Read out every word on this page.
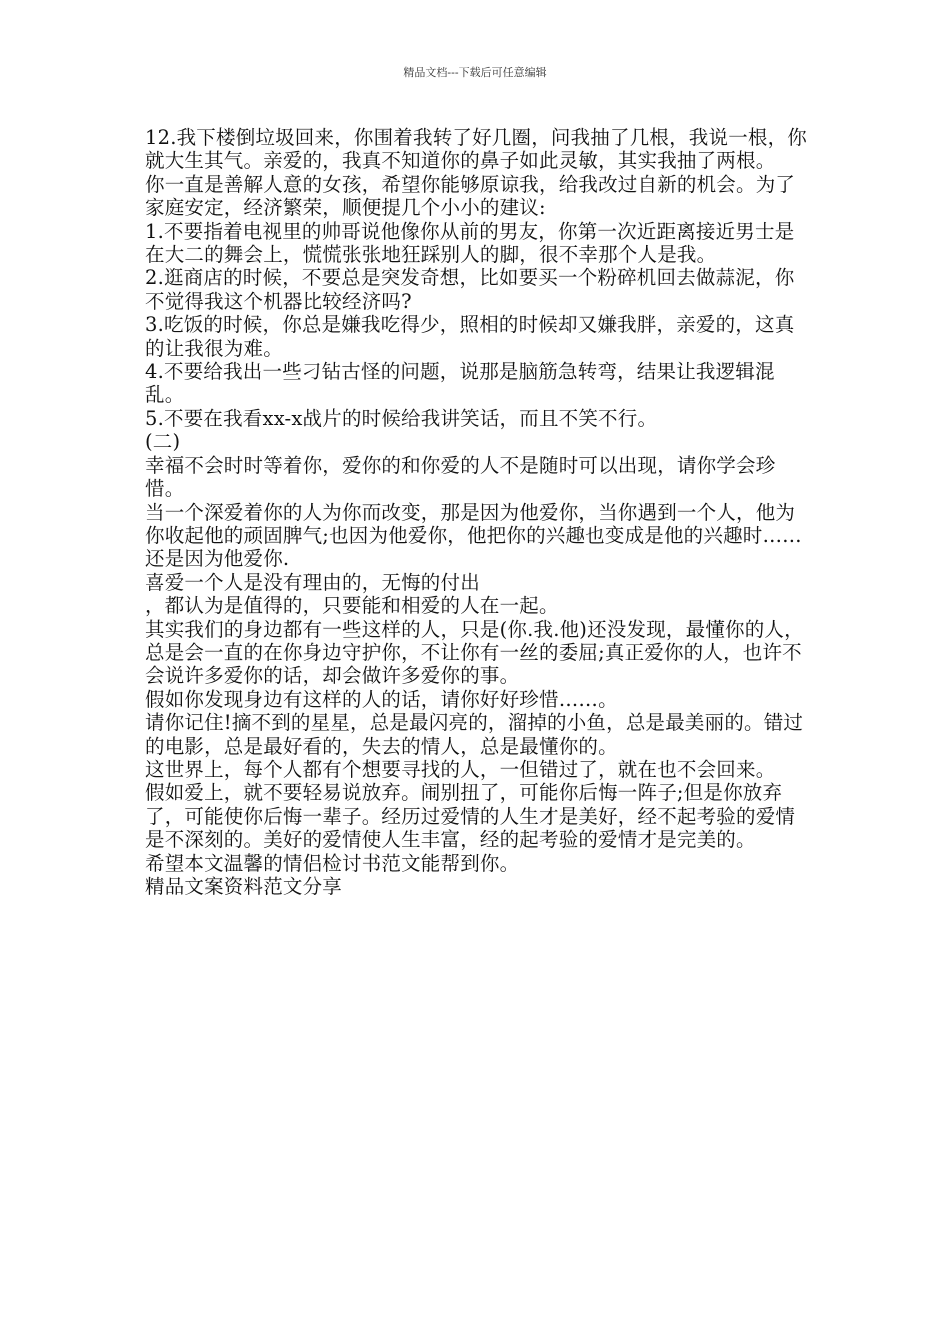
精品文档---下载后可任意编辑

12.我下楼倒垃圾回来，你围着我转了好几圈，问我抽了几根，我说一根，你就大生其气。亲爱的，我真不知道你的鼻子如此灵敏，其实我抽了两根。

你一直是善解人意的女孩，希望你能够原谅我，给我改过自新的机会。为了家庭安定，经济繁荣，顺便提几个小小的建议:

1.不要指着电视里的帅哥说他像你从前的男友，你第一次近距离接近男士是在大二的舞会上，慌慌张张地狂踩别人的脚，很不幸那个人是我。

2.逛商店的时候，不要总是突发奇想，比如要买一个粉碎机回去做蒜泥，你不觉得我这个机器比较经济吗?

3.吃饭的时候，你总是嫌我吃得少，照相的时候却又嫌我胖，亲爱的，这真的让我很为难。

4.不要给我出一些刁钻古怪的问题，说那是脑筋急转弯，结果让我逻辑混乱。

5.不要在我看xx-x战片的时候给我讲笑话，而且不笑不行。

(二)

幸福不会时时等着你，爱你的和你爱的人不是随时可以出现，请你学会珍惜。

当一个深爱着你的人为你而改变，那是因为他爱你，当你遇到一个人，他为你收起他的顽固脾气;也因为他爱你，他把你的兴趣也变成是他的兴趣时……还是因为他爱你.

喜爱一个人是没有理由的，无悔的付出

，都认为是值得的，只要能和相爱的人在一起。

其实我们的身边都有一些这样的人，只是(你.我.他)还没发现，最懂你的人，总是会一直的在你身边守护你，不让你有一丝的委屈;真正爱你的人，也许不会说许多爱你的话，却会做许多爱你的事。

假如你发现身边有这样的人的话，请你好好珍惜……。

请你记住!摘不到的星星，总是最闪亮的，溜掉的小鱼，总是最美丽的。错过的电影，总是最好看的，失去的情人，总是最懂你的。

这世界上，每个人都有个想要寻找的人，一但错过了，就在也不会回来。

假如爱上，就不要轻易说放弃。闹别扭了，可能你后悔一阵子;但是你放弃了，可能使你后悔一辈子。经历过爱情的人生才是美好，经不起考验的爱情是不深刻的。美好的爱情使人生丰富，经的起考验的爱情才是完美的。

希望本文温馨的情侣检讨书范文能帮到你。

精品文案资料范文分享
